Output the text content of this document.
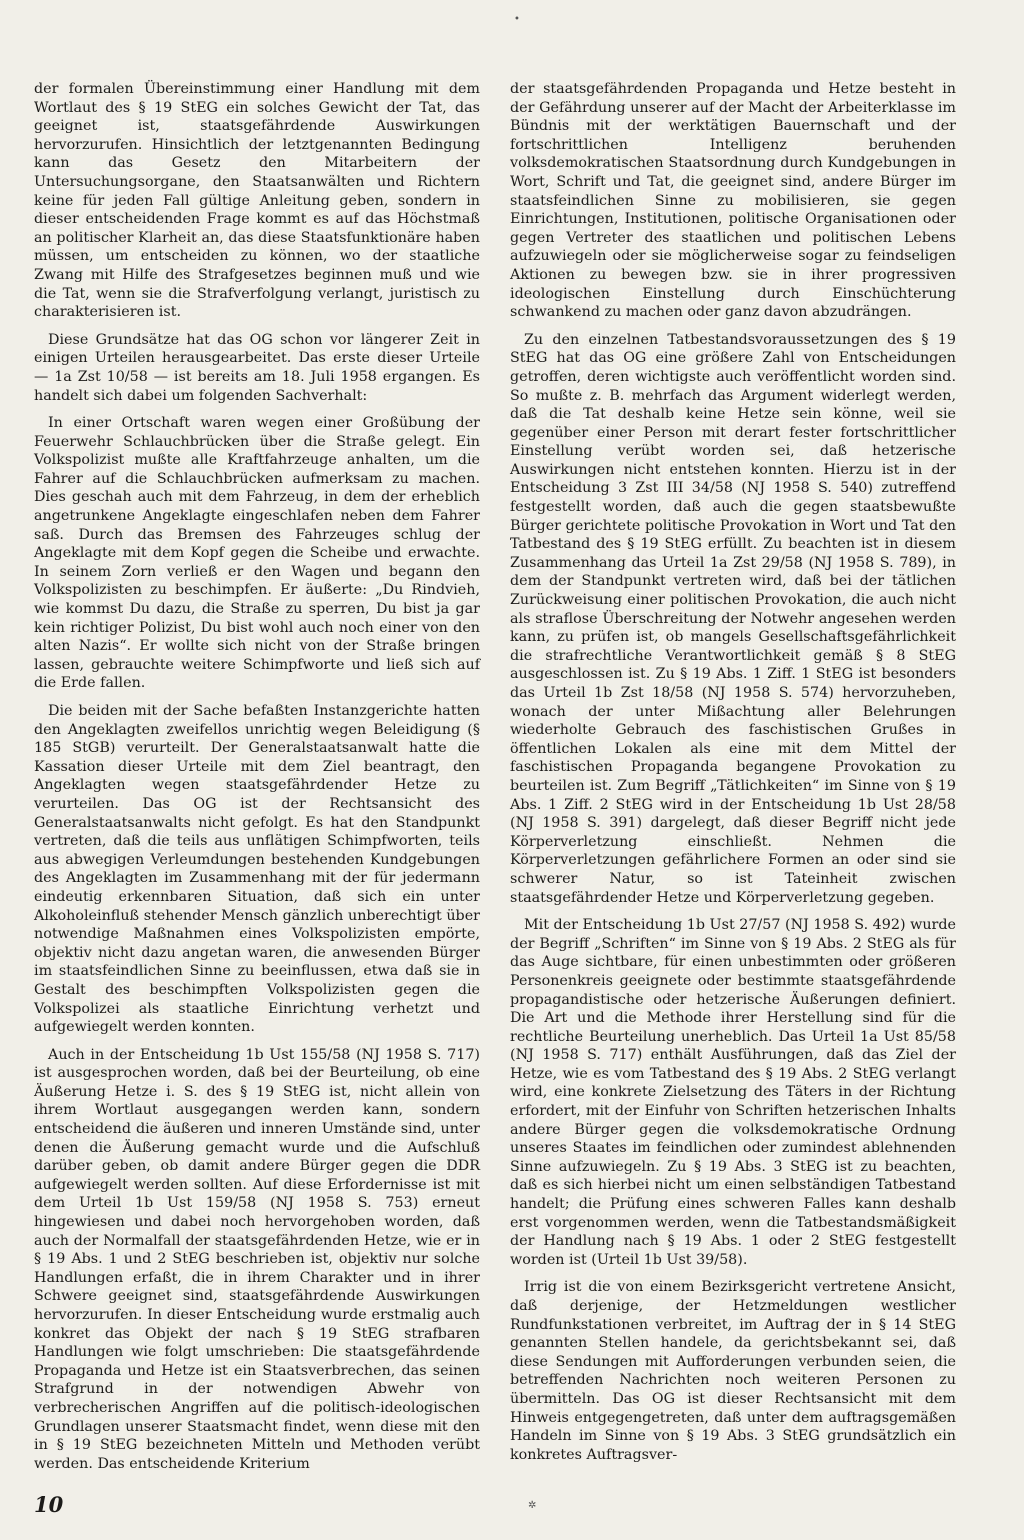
•

der formalen Übereinstimmung einer Handlung mit dem Wortlaut des § 19 StEG ein solches Gewicht der Tat, das geeignet ist, staatsgefährdende Auswirkungen hervorzurufen. Hinsichtlich der letztgenannten Bedingung kann das Gesetz den Mitarbeitern der Untersuchungsorgane, den Staatsanwälten und Richtern keine für jeden Fall gültige Anleitung geben, sondern in dieser entscheidenden Frage kommt es auf das Höchstmaß an politischer Klarheit an, das diese Staatsfunktionäre haben müssen, um entscheiden zu können, wo der staatliche Zwang mit Hilfe des Strafgesetzes beginnen muß und wie die Tat, wenn sie die Strafverfolgung verlangt, juristisch zu charakterisieren ist.

Diese Grundsätze hat das OG schon vor längerer Zeit in einigen Urteilen herausgearbeitet. Das erste dieser Urteile — 1a Zst 10/58 — ist bereits am 18. Juli 1958 ergangen. Es handelt sich dabei um folgenden Sachverhalt:

In einer Ortschaft waren wegen einer Großübung der Feuerwehr Schlauchbrücken über die Straße gelegt. Ein Volkspolizist mußte alle Kraftfahrzeuge anhalten, um die Fahrer auf die Schlauchbrücken aufmerksam zu machen. Dies geschah auch mit dem Fahrzeug, in dem der erheblich angetrunkene Angeklagte eingeschlafen neben dem Fahrer saß. Durch das Bremsen des Fahrzeuges schlug der Angeklagte mit dem Kopf gegen die Scheibe und erwachte. In seinem Zorn verließ er den Wagen und begann den Volkspolizisten zu beschimpfen. Er äußerte: „Du Rindvieh, wie kommst Du dazu, die Straße zu sperren, Du bist ja gar kein richtiger Polizist, Du bist wohl auch noch einer von den alten Nazis“. Er wollte sich nicht von der Straße bringen lassen, gebrauchte weitere Schimpfworte und ließ sich auf die Erde fallen.

Die beiden mit der Sache befaßten Instanzgerichte hatten den Angeklagten zweifellos unrichtig wegen Beleidigung (§ 185 StGB) verurteilt. Der Generalstaatsanwalt hatte die Kassation dieser Urteile mit dem Ziel beantragt, den Angeklagten wegen staatsgefährdender Hetze zu verurteilen. Das OG ist der Rechtsansicht des Generalstaatsanwalts nicht gefolgt. Es hat den Standpunkt vertreten, daß die teils aus unflätigen Schimpfworten, teils aus abwegigen Verleumdungen bestehenden Kundgebungen des Angeklagten im Zusammenhang mit der für jedermann eindeutig erkennbaren Situation, daß sich ein unter Alkoholeinfluß stehender Mensch gänzlich unberechtigt über notwendige Maßnahmen eines Volkspolizisten empörte, objektiv nicht dazu angetan waren, die anwesenden Bürger im staatsfeindlichen Sinne zu beeinflussen, etwa daß sie in Gestalt des beschimpften Volkspolizisten gegen die Volkspolizei als staatliche Einrichtung verhetzt und aufgewiegelt werden konnten.

Auch in der Entscheidung 1b Ust 155/58 (NJ 1958 S. 717) ist ausgesprochen worden, daß bei der Beurteilung, ob eine Äußerung Hetze i. S. des § 19 StEG ist, nicht allein von ihrem Wortlaut ausgegangen werden kann, sondern entscheidend die äußeren und inneren Umstände sind, unter denen die Äußerung gemacht wurde und die Aufschluß darüber geben, ob damit andere Bürger gegen die DDR aufgewiegelt werden sollten. Auf diese Erfordernisse ist mit dem Urteil 1b Ust 159/58 (NJ 1958 S. 753) erneut hingewiesen und dabei noch hervorgehoben worden, daß auch der Normalfall der staatsgefährdenden Hetze, wie er in § 19 Abs. 1 und 2 StEG beschrieben ist, objektiv nur solche Handlungen erfaßt, die in ihrem Charakter und in ihrer Schwere geeignet sind, staatsgefährdende Auswirkungen hervorzurufen. In dieser Entscheidung wurde erstmalig auch konkret das Objekt der nach § 19 StEG strafbaren Handlungen wie folgt umschrieben: Die staatsgefährdende Propaganda und Hetze ist ein Staatsverbrechen, das seinen Strafgrund in der notwendigen Abwehr von verbrecherischen Angriffen auf die politisch-ideologischen Grundlagen unserer Staatsmacht findet, wenn diese mit den in § 19 StEG bezeichneten Mitteln und Methoden verübt werden. Das entscheidende Kriterium

der staatsgefährdenden Propaganda und Hetze besteht in der Gefährdung unserer auf der Macht der Arbeiterklasse im Bündnis mit der werktätigen Bauernschaft und der fortschrittlichen Intelligenz beruhenden volksdemokratischen Staatsordnung durch Kundgebungen in Wort, Schrift und Tat, die geeignet sind, andere Bürger im staatsfeindlichen Sinne zu mobilisieren, sie gegen Einrichtungen, Institutionen, politische Organisationen oder gegen Vertreter des staatlichen und politischen Lebens aufzuwiegeln oder sie möglicherweise sogar zu feindseligen Aktionen zu bewegen bzw. sie in ihrer progressiven ideologischen Einstellung durch Einschüchterung schwankend zu machen oder ganz davon abzudrängen.

Zu den einzelnen Tatbestandsvoraussetzungen des § 19 StEG hat das OG eine größere Zahl von Entscheidungen getroffen, deren wichtigste auch veröffentlicht worden sind. So mußte z. B. mehrfach das Argument widerlegt werden, daß die Tat deshalb keine Hetze sein könne, weil sie gegenüber einer Person mit derart fester fortschrittlicher Einstellung verübt worden sei, daß hetzerische Auswirkungen nicht entstehen konnten. Hierzu ist in der Entscheidung 3 Zst III 34/58 (NJ 1958 S. 540) zutreffend festgestellt worden, daß auch die gegen staatsbewußte Bürger gerichtete politische Provokation in Wort und Tat den Tatbestand des § 19 StEG erfüllt. Zu beachten ist in diesem Zusammenhang das Urteil 1a Zst 29/58 (NJ 1958 S. 789), in dem der Standpunkt vertreten wird, daß bei der tätlichen Zurückweisung einer politischen Provokation, die auch nicht als straflose Überschreitung der Notwehr angesehen werden kann, zu prüfen ist, ob mangels Gesellschaftsgefährlichkeit die strafrechtliche Verantwortlichkeit gemäß § 8 StEG ausgeschlossen ist. Zu § 19 Abs. 1 Ziff. 1 StEG ist besonders das Urteil 1b Zst 18/58 (NJ 1958 S. 574) hervorzuheben, wonach der unter Mißachtung aller Belehrungen wiederholte Gebrauch des faschistischen Grußes in öffentlichen Lokalen als eine mit dem Mittel der faschistischen Propaganda begangene Provokation zu beurteilen ist. Zum Begriff „Tätlichkeiten“ im Sinne von § 19 Abs. 1 Ziff. 2 StEG wird in der Entscheidung 1b Ust 28/58 (NJ 1958 S. 391) dargelegt, daß dieser Begriff nicht jede Körperverletzung einschließt. Nehmen die Körperverletzungen gefährlichere Formen an oder sind sie schwerer Natur, so ist Tateinheit zwischen staatsgefährdender Hetze und Körperverletzung gegeben.

Mit der Entscheidung 1b Ust 27/57 (NJ 1958 S. 492) wurde der Begriff „Schriften“ im Sinne von § 19 Abs. 2 StEG als für das Auge sichtbare, für einen unbestimmten oder größeren Personenkreis geeignete oder bestimmte staatsgefährdende propagandistische oder hetzerische Äußerungen definiert. Die Art und die Methode ihrer Herstellung sind für die rechtliche Beurteilung unerheblich. Das Urteil 1a Ust 85/58 (NJ 1958 S. 717) enthält Ausführungen, daß das Ziel der Hetze, wie es vom Tatbestand des § 19 Abs. 2 StEG verlangt wird, eine konkrete Zielsetzung des Täters in der Richtung erfordert, mit der Einfuhr von Schriften hetzerischen Inhalts andere Bürger gegen die volksdemokratische Ordnung unseres Staates im feindlichen oder zumindest ablehnenden Sinne aufzuwiegeln. Zu § 19 Abs. 3 StEG ist zu beachten, daß es sich hierbei nicht um einen selbständigen Tatbestand handelt; die Prüfung eines schweren Falles kann deshalb erst vorgenommen werden, wenn die Tatbestandsmäßigkeit der Handlung nach § 19 Abs. 1 oder 2 StEG festgestellt worden ist (Urteil 1b Ust 39/58).

Irrig ist die von einem Bezirksgericht vertretene Ansicht, daß derjenige, der Hetzmeldungen westlicher Rundfunkstationen verbreitet, im Auftrag der in § 14 StEG genannten Stellen handele, da gerichtsbekannt sei, daß diese Sendungen mit Aufforderungen verbunden seien, die betreffenden Nachrichten noch weiteren Personen zu übermitteln. Das OG ist dieser Rechtsansicht mit dem Hinweis entgegengetreten, daß unter dem auftragsgemäßen Handeln im Sinne von § 19 Abs. 3 StEG grundsätzlich ein konkretes Auftragsver-

10	✲
